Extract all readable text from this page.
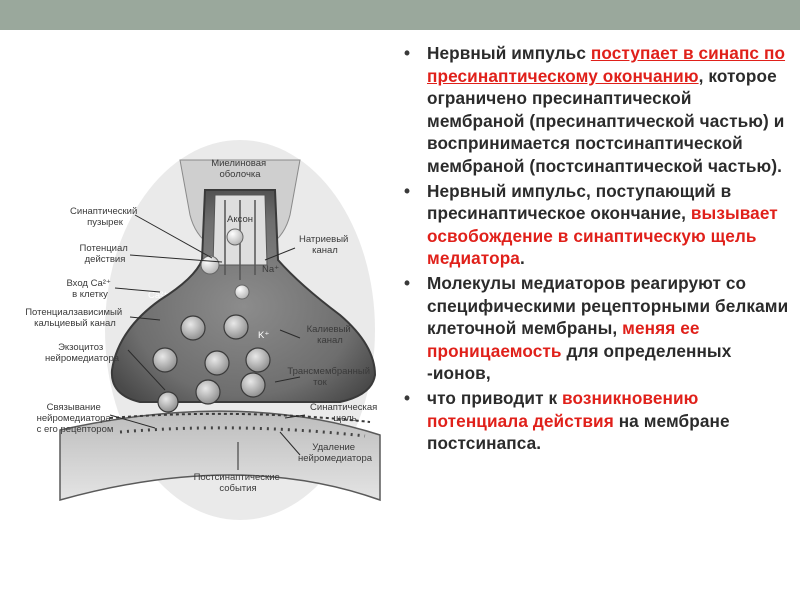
Ca²⁺
Na⁺
K⁺
Миелиновая оболочка
Аксон
Синаптический пузырек
Потенциал действия
Вход Ca²⁺ в клетку
Потенциалзависимый кальциевый канал
Экзоцитоз нейромедиатора
Связывание нейромедиатора с его рецептором
Постсинаптические события
Натриевый канал
Калиевый канал
Трансмембранный ток
Синаптическая щель
Удаление нейромедиатора
• Нервный импульс поступает в синапс по пресинаптическому окончанию, которое ограничено пресинаптической мембраной (пресинаптической частью) и воспринимается постсинаптической мембраной (постсинаптической частью).
• Нервный импульс, поступающий в пресинаптическое окончание, вызывает освобождение в синаптическую щель медиатора.
• Молекулы медиаторов реагируют со специфическими рецепторными белками клеточной мембраны, меняя ее проницаемость для определенных -ионов,
• что приводит к возникновению потенциала действия на мембране постсинапса.
